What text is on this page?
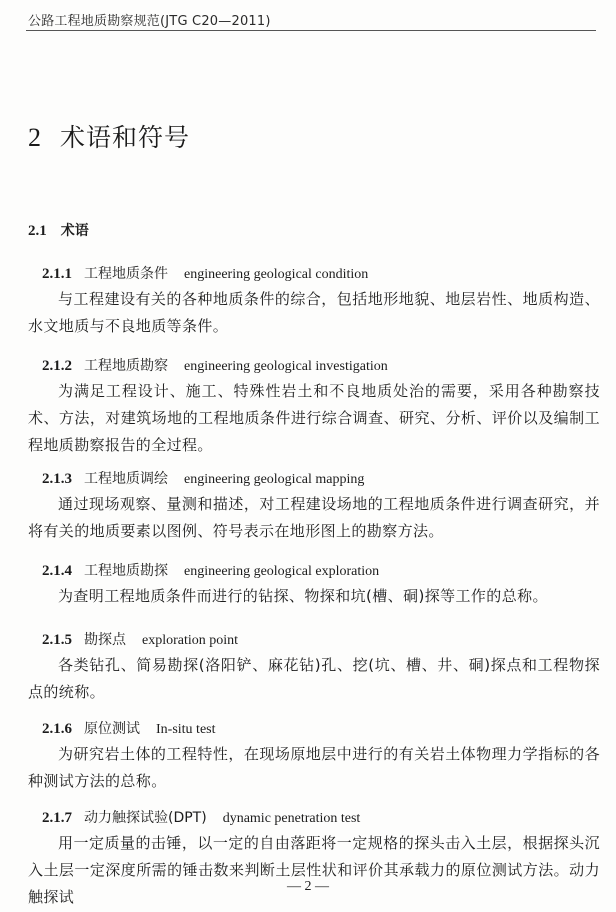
公路工程地质勘察规范(JTG C20—2011)
2 术语和符号
2.1 术语
2.1.1 工程地质条件 engineering geological condition
与工程建设有关的各种地质条件的综合，包括地形地貌、地层岩性、地质构造、水文地质与不良地质等条件。
2.1.2 工程地质勘察 engineering geological investigation
为满足工程设计、施工、特殊性岩土和不良地质处治的需要，采用各种勘察技术、方法，对建筑场地的工程地质条件进行综合调查、研究、分析、评价以及编制工程地质勘察报告的全过程。
2.1.3 工程地质调绘 engineering geological mapping
通过现场观察、量测和描述，对工程建设场地的工程地质条件进行调查研究，并将有关的地质要素以图例、符号表示在地形图上的勘察方法。
2.1.4 工程地质勘探 engineering geological exploration
为查明工程地质条件而进行的钻探、物探和坑(槽、硐)探等工作的总称。
2.1.5 勘探点 exploration point
各类钻孔、简易勘探(洛阳铲、麻花钻)孔、挖(坑、槽、井、硐)探点和工程物探点的统称。
2.1.6 原位测试 In-situ test
为研究岩土体的工程特性，在现场原地层中进行的有关岩土体物理力学指标的各种测试方法的总称。
2.1.7 动力触探试验(DPT) dynamic penetration test
用一定质量的击锤，以一定的自由落距将一定规格的探头击入土层，根据探头沉入土层一定深度所需的锤击数来判断土层性状和评价其承载力的原位测试方法。动力触探试
— 2 —
